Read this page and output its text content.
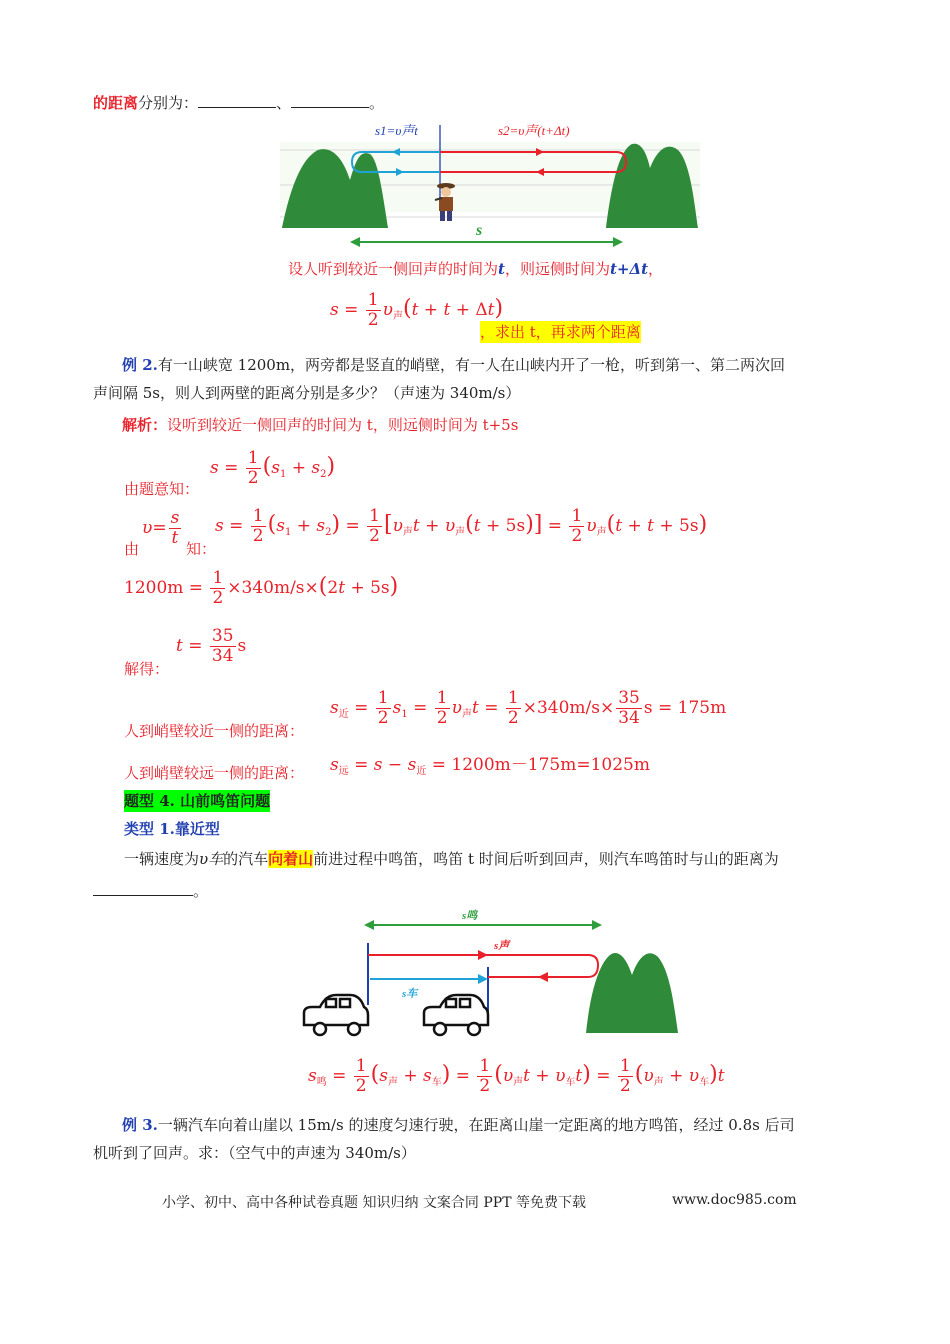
的距离分别为：	、	。
s1=υ声t	s2=υ声(t+Δt)
s
设人听到较近一侧回声的时间为t，则远侧时间为t+Δt，
$s = \frac{1}{2} \upsilon_声(t + t + \Delta t)$
，求出 t，再求两个距离
例 2.有一山峡宽 1200m，两旁都是竖直的峭壁，有一人在山峡内开了一枪，听到第一、第二两次回
声间隔 5s，则人到两壁的距离分别是多少？（声速为 340m/s）
解析：设听到较近一侧回声的时间为 t，则远侧时间为 t+5s
$s = \frac{1}{2} (s_1 + s_2)$
由题意知：
$\upsilon= \frac{s}{t}$
由	知：
$s = \frac{1}{2} (s_1 + s_2) = \frac{1}{2} [\upsilon_声t + \upsilon_声(t + 5s)] = \frac{1}{2} \upsilon_声(t + t + 5s)$
$1200m = \frac{1}{2} \times 340m/s\times(2t + 5s)$
$t = \frac{35}{34}$ s
解得：
$s_近 = \frac{1}{2} s_1 = \frac{1}{2} \upsilon_声t = \frac{1}{2} \times 340m/s\times \frac{35}{34}$ s = 175m
人到峭壁较近一侧的距离：
人到峭壁较远一侧的距离： $s_远 = s - s_近 = 1200m-175m=1025m$
题型 4. 山前鸣笛问题
类型 1.靠近型
一辆速度为υ车的汽车向着山前进过程中鸣笛，鸣笛 t 时间后听到回声，则汽车鸣笛时与山的距离为
。
s鸣
s声
s车
$s_鸣 = \frac{1}{2} (s_声 + s_车) = \frac{1}{2} (\upsilon_声t + \upsilon_车t) = \frac{1}{2} (\upsilon_声 + \upsilon_车)t$
例 3.一辆汽车向着山崖以 15m/s 的速度匀速行驶，在距离山崖一定距离的地方鸣笛，经过 0.8s 后司
机听到了回声。求：（空气中的声速为 340m/s）
小学、初中、高中各种试卷真题 知识归纳 文案合同 PPT 等免费下载	www.doc985.com
